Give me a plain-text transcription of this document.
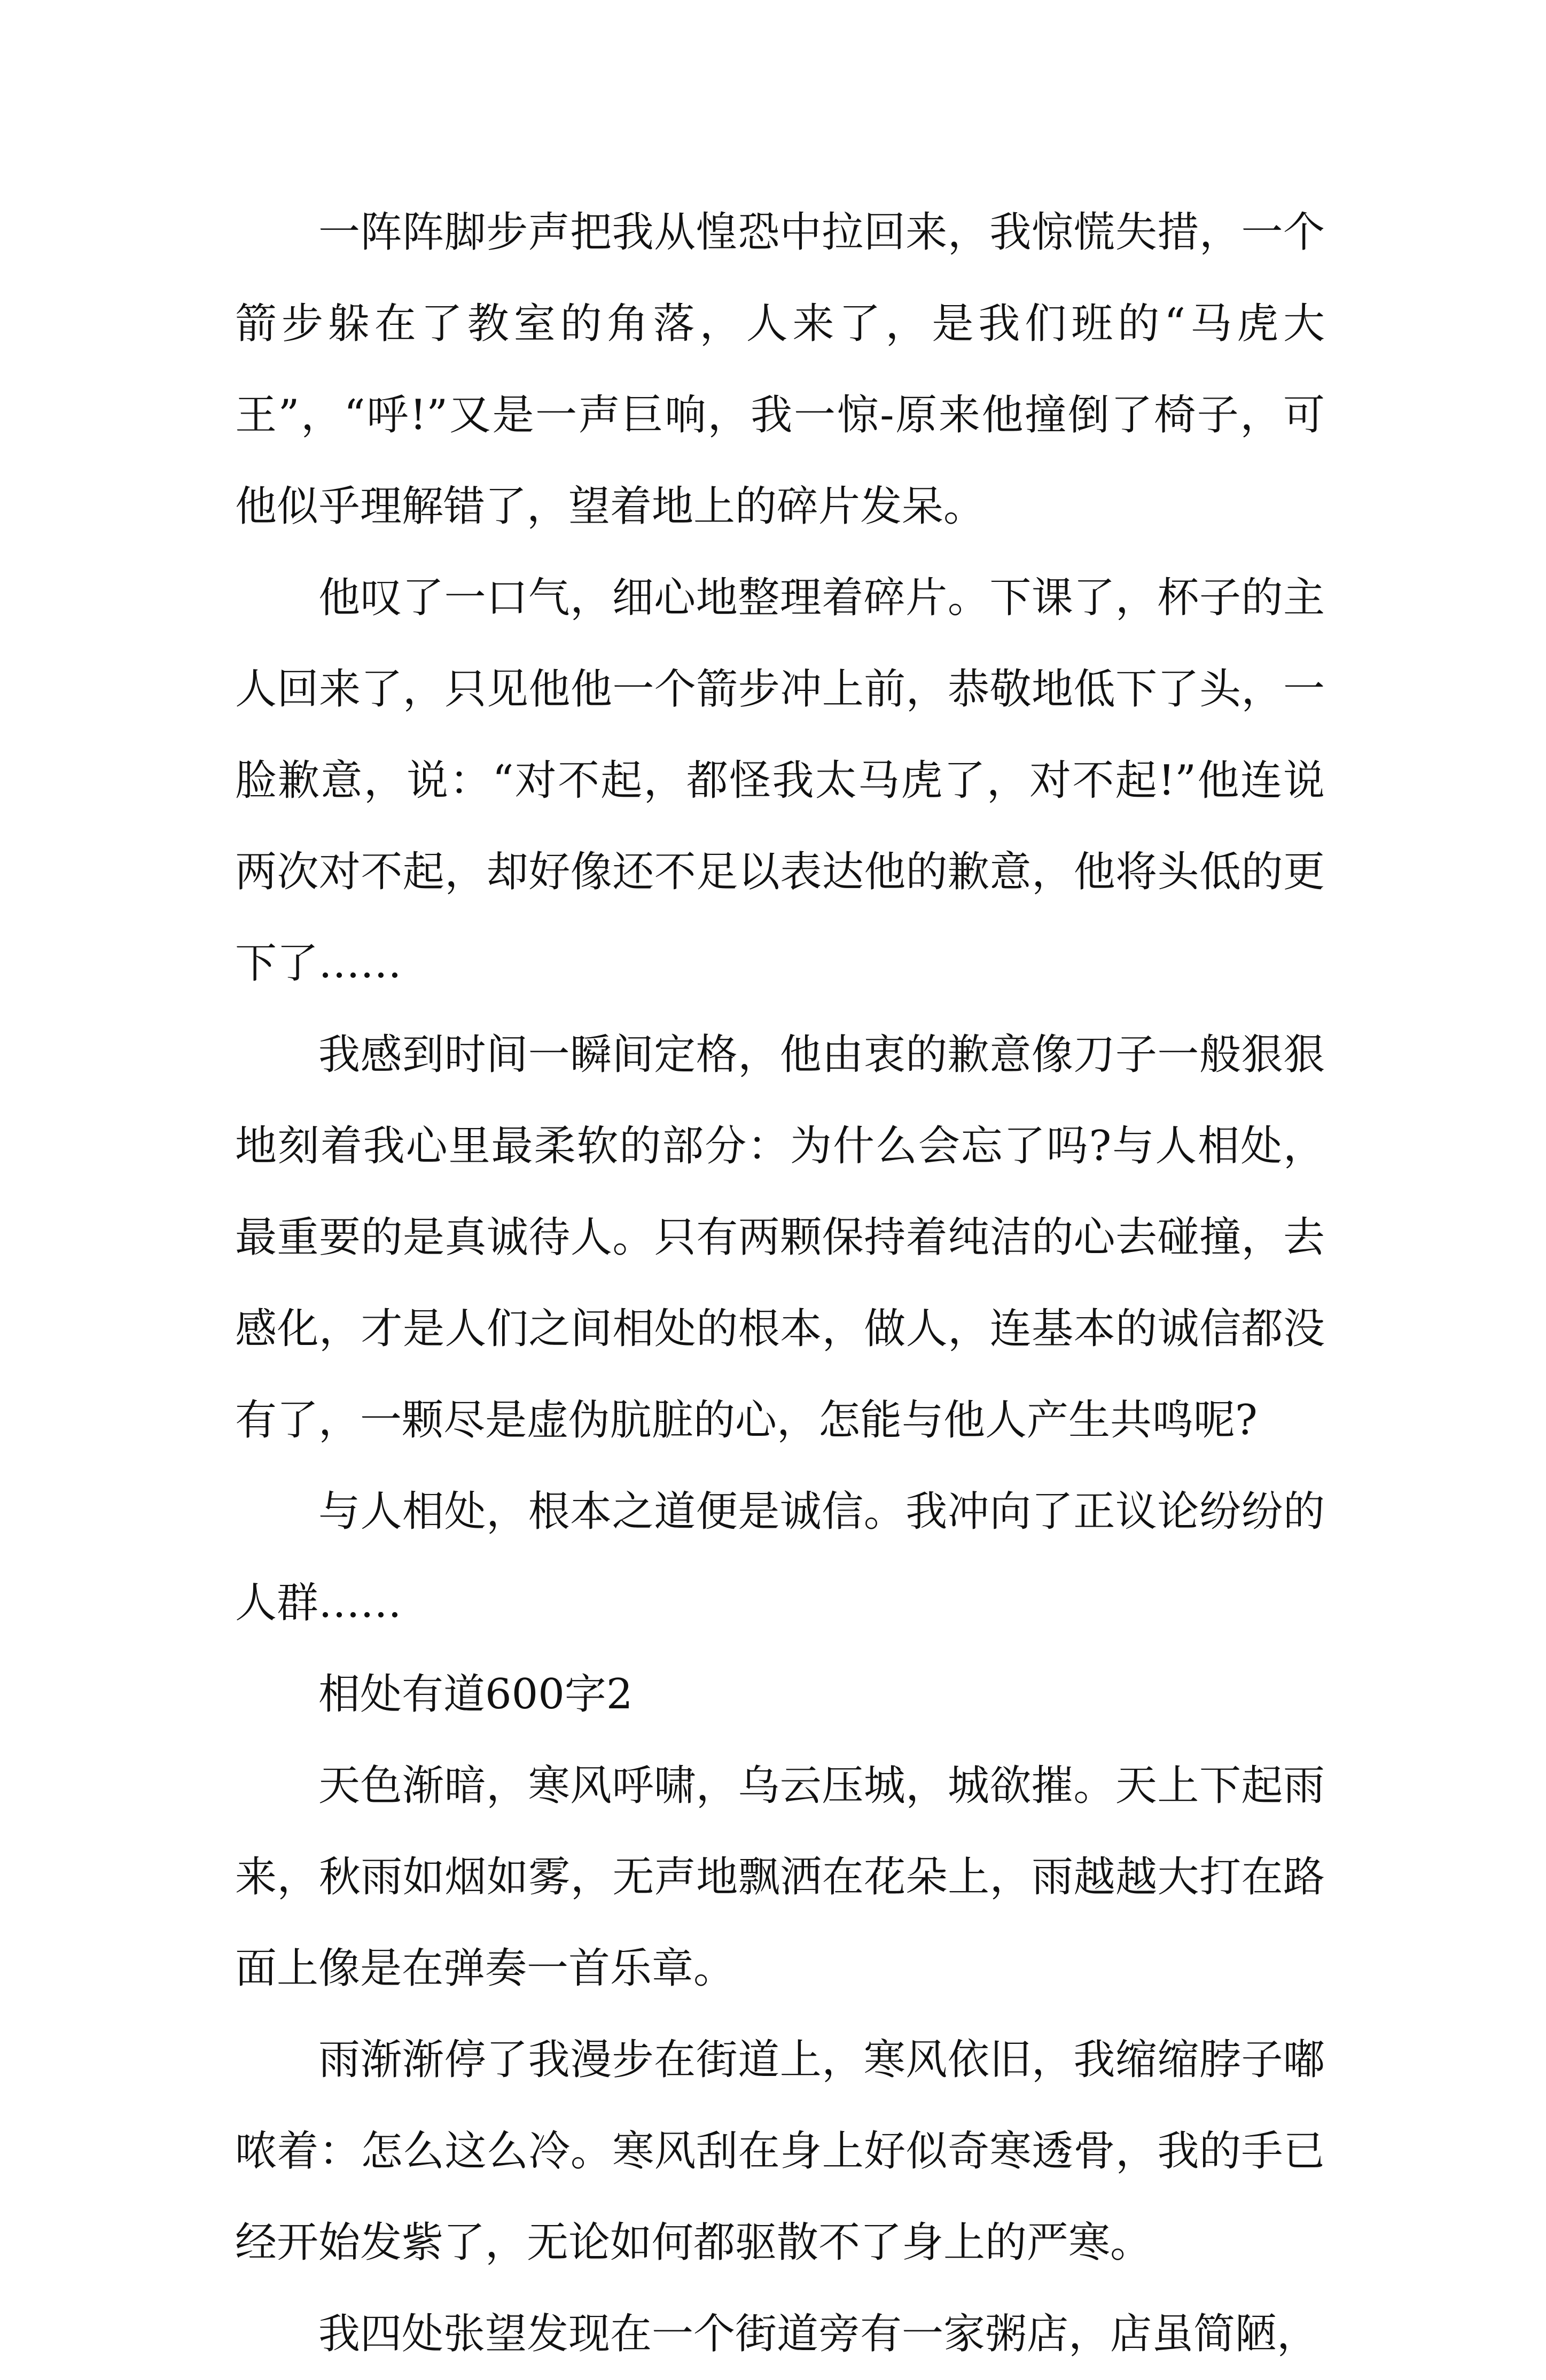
一阵阵脚步声把我从惶恐中拉回来，我惊慌失措，一个箭步躲在了教室的角落，人来了，是我们班的“马虎大王”，“呼!”又是一声巨响，我一惊-原来他撞倒了椅子，可他似乎理解错了，望着地上的碎片发呆。

他叹了一口气，细心地整理着碎片。下课了，杯子的主人回来了，只见他他一个箭步冲上前，恭敬地低下了头，一脸歉意，说：“对不起，都怪我太马虎了，对不起!”他连说两次对不起，却好像还不足以表达他的歉意，他将头低的更下了……

我感到时间一瞬间定格，他由衷的歉意像刀子一般狠狠地刻着我心里最柔软的部分：为什么会忘了吗?与人相处，最重要的是真诚待人。只有两颗保持着纯洁的心去碰撞，去感化，才是人们之间相处的根本，做人，连基本的诚信都没有了，一颗尽是虚伪肮脏的心，怎能与他人产生共鸣呢?

与人相处，根本之道便是诚信。我冲向了正议论纷纷的人群……

相处有道600字2

天色渐暗，寒风呼啸，乌云压城，城欲摧。天上下起雨来，秋雨如烟如雾，无声地飘洒在花朵上，雨越越大打在路面上像是在弹奏一首乐章。

雨渐渐停了我漫步在街道上，寒风依旧，我缩缩脖子嘟哝着：怎么这么冷。寒风刮在身上好似奇寒透骨，我的手已经开始发紫了，无论如何都驱散不了身上的严寒。

我四处张望发现在一个街道旁有一家粥店，店虽简陋，
